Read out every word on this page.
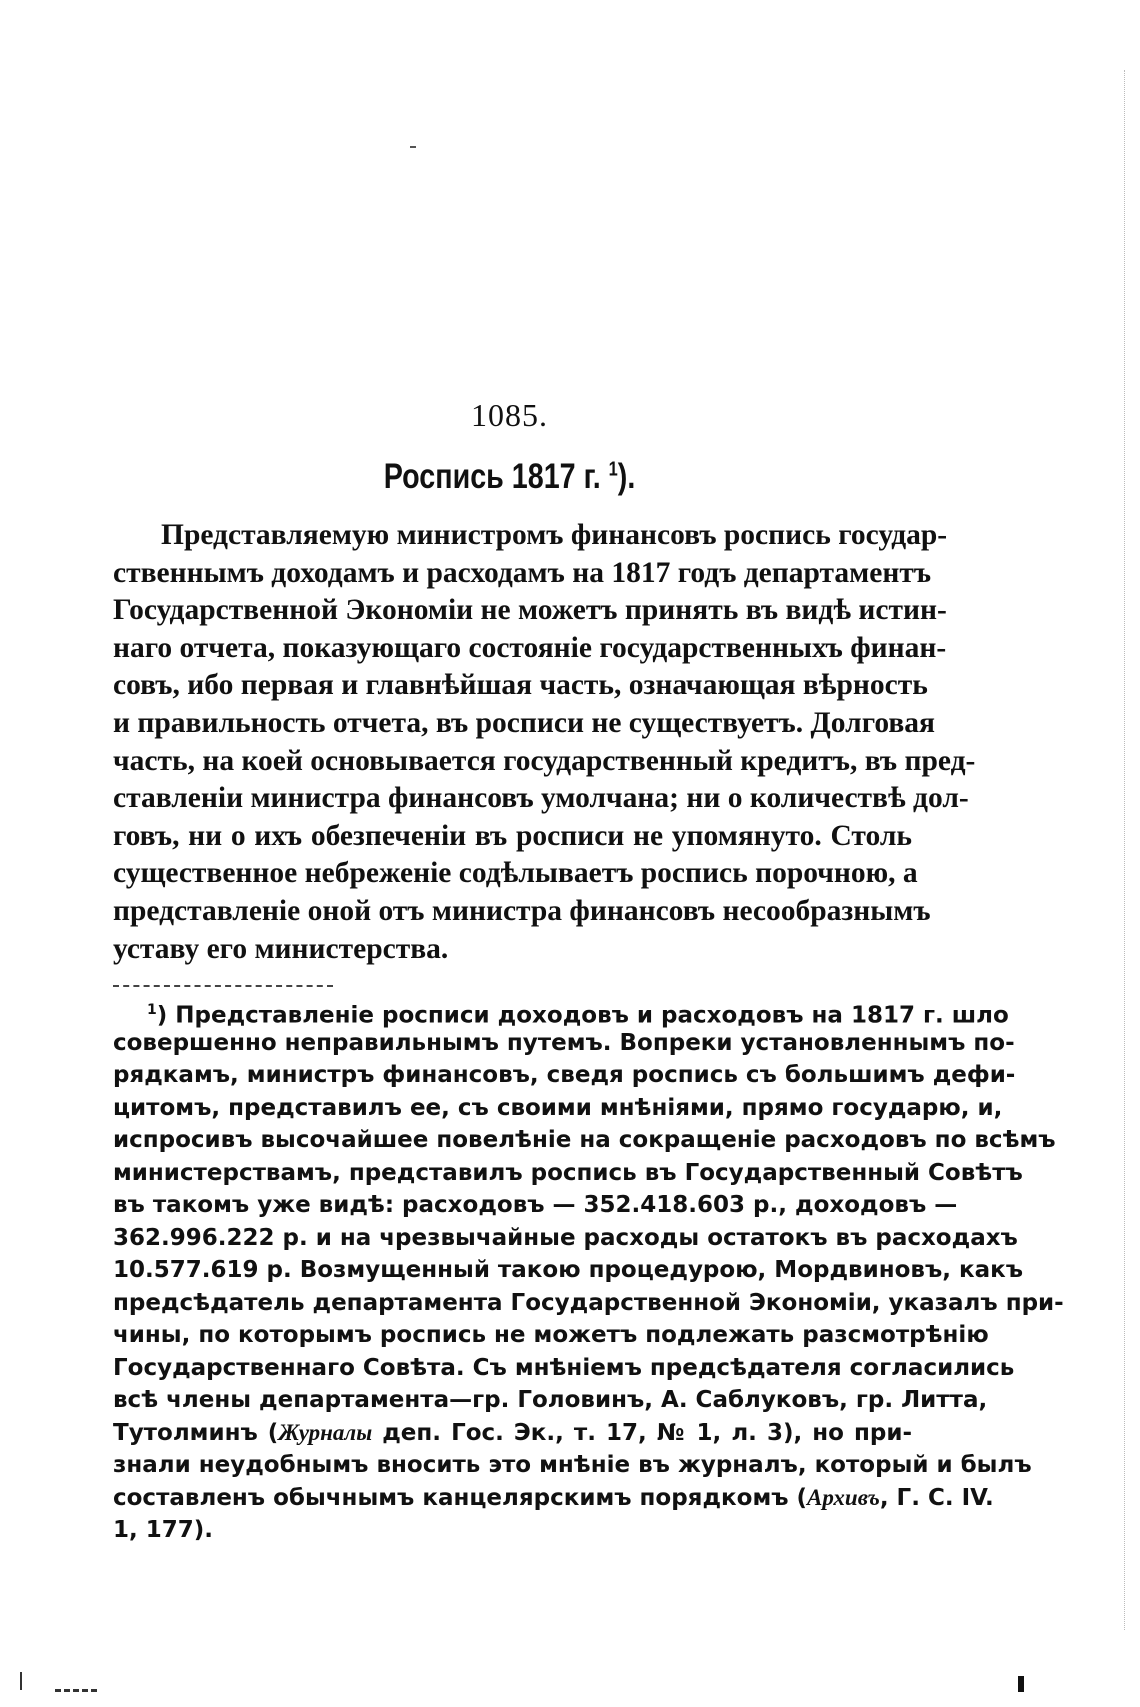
1085.
Роспись 1817 г. $^1$).
Представляемую министромъ финансовъ роспись государ-
ственнымъ доходамъ и расходамъ на 1817 годъ департаментъ
Государственной Экономіи не можетъ принять въ видѣ истин-
наго отчета, показующаго состояніе государственныхъ финан-
совъ, ибо первая и главнѣйшая часть, означающая вѣрность
и правильность отчета, въ росписи не существуетъ. Долговая
часть, на коей основывается государственный кредитъ, въ пред-
ставленіи министра финансовъ умолчана; ни о количествѣ дол-
говъ, ни о ихъ обезпеченіи въ росписи не упомянуто. Столь
существенное небреженіе содѣлываетъ роспись порочною, а
представленіе оной отъ министра финансовъ несообразнымъ
уставу его министерства.
$^1$) Представленіе росписи доходовъ и расходовъ на 1817 г. шло
совершенно неправильнымъ путемъ. Вопреки установленнымъ по-
рядкамъ, министръ финансовъ, сведя роспись съ большимъ дефи-
цитомъ, представилъ ее, съ своими мнѣніями, прямо государю, и,
испросивъ высочайшее повелѣніе на сокращеніе расходовъ по всѣмъ
министерствамъ, представилъ роспись въ Государственный Совѣтъ
въ такомъ уже видѣ: расходовъ — 352.418.603 р., доходовъ —
362.996.222 р. и на чрезвычайные расходы остатокъ въ расходахъ
10.577.619 р. Возмущенный такою процедурою, Мордвиновъ, какъ
предсѣдатель департамента Государственной Экономіи, указалъ при-
чины, по которымъ роспись не можетъ подлежать разсмотрѣнію
Государственнаго Совѣта. Съ мнѣніемъ предсѣдателя согласились
всѣ члены департамента—гр. Головинъ, А. Саблуковъ, гр. Литта,
Тутолминъ (Журналы деп. Гос. Эк., т. 17, № 1, л. 3), но при-
знали неудобнымъ вносить это мнѣніе въ журналъ, который и былъ
составленъ обычнымъ канцелярскимъ порядкомъ (Архивъ, Г. С. IV.
1, 177).
